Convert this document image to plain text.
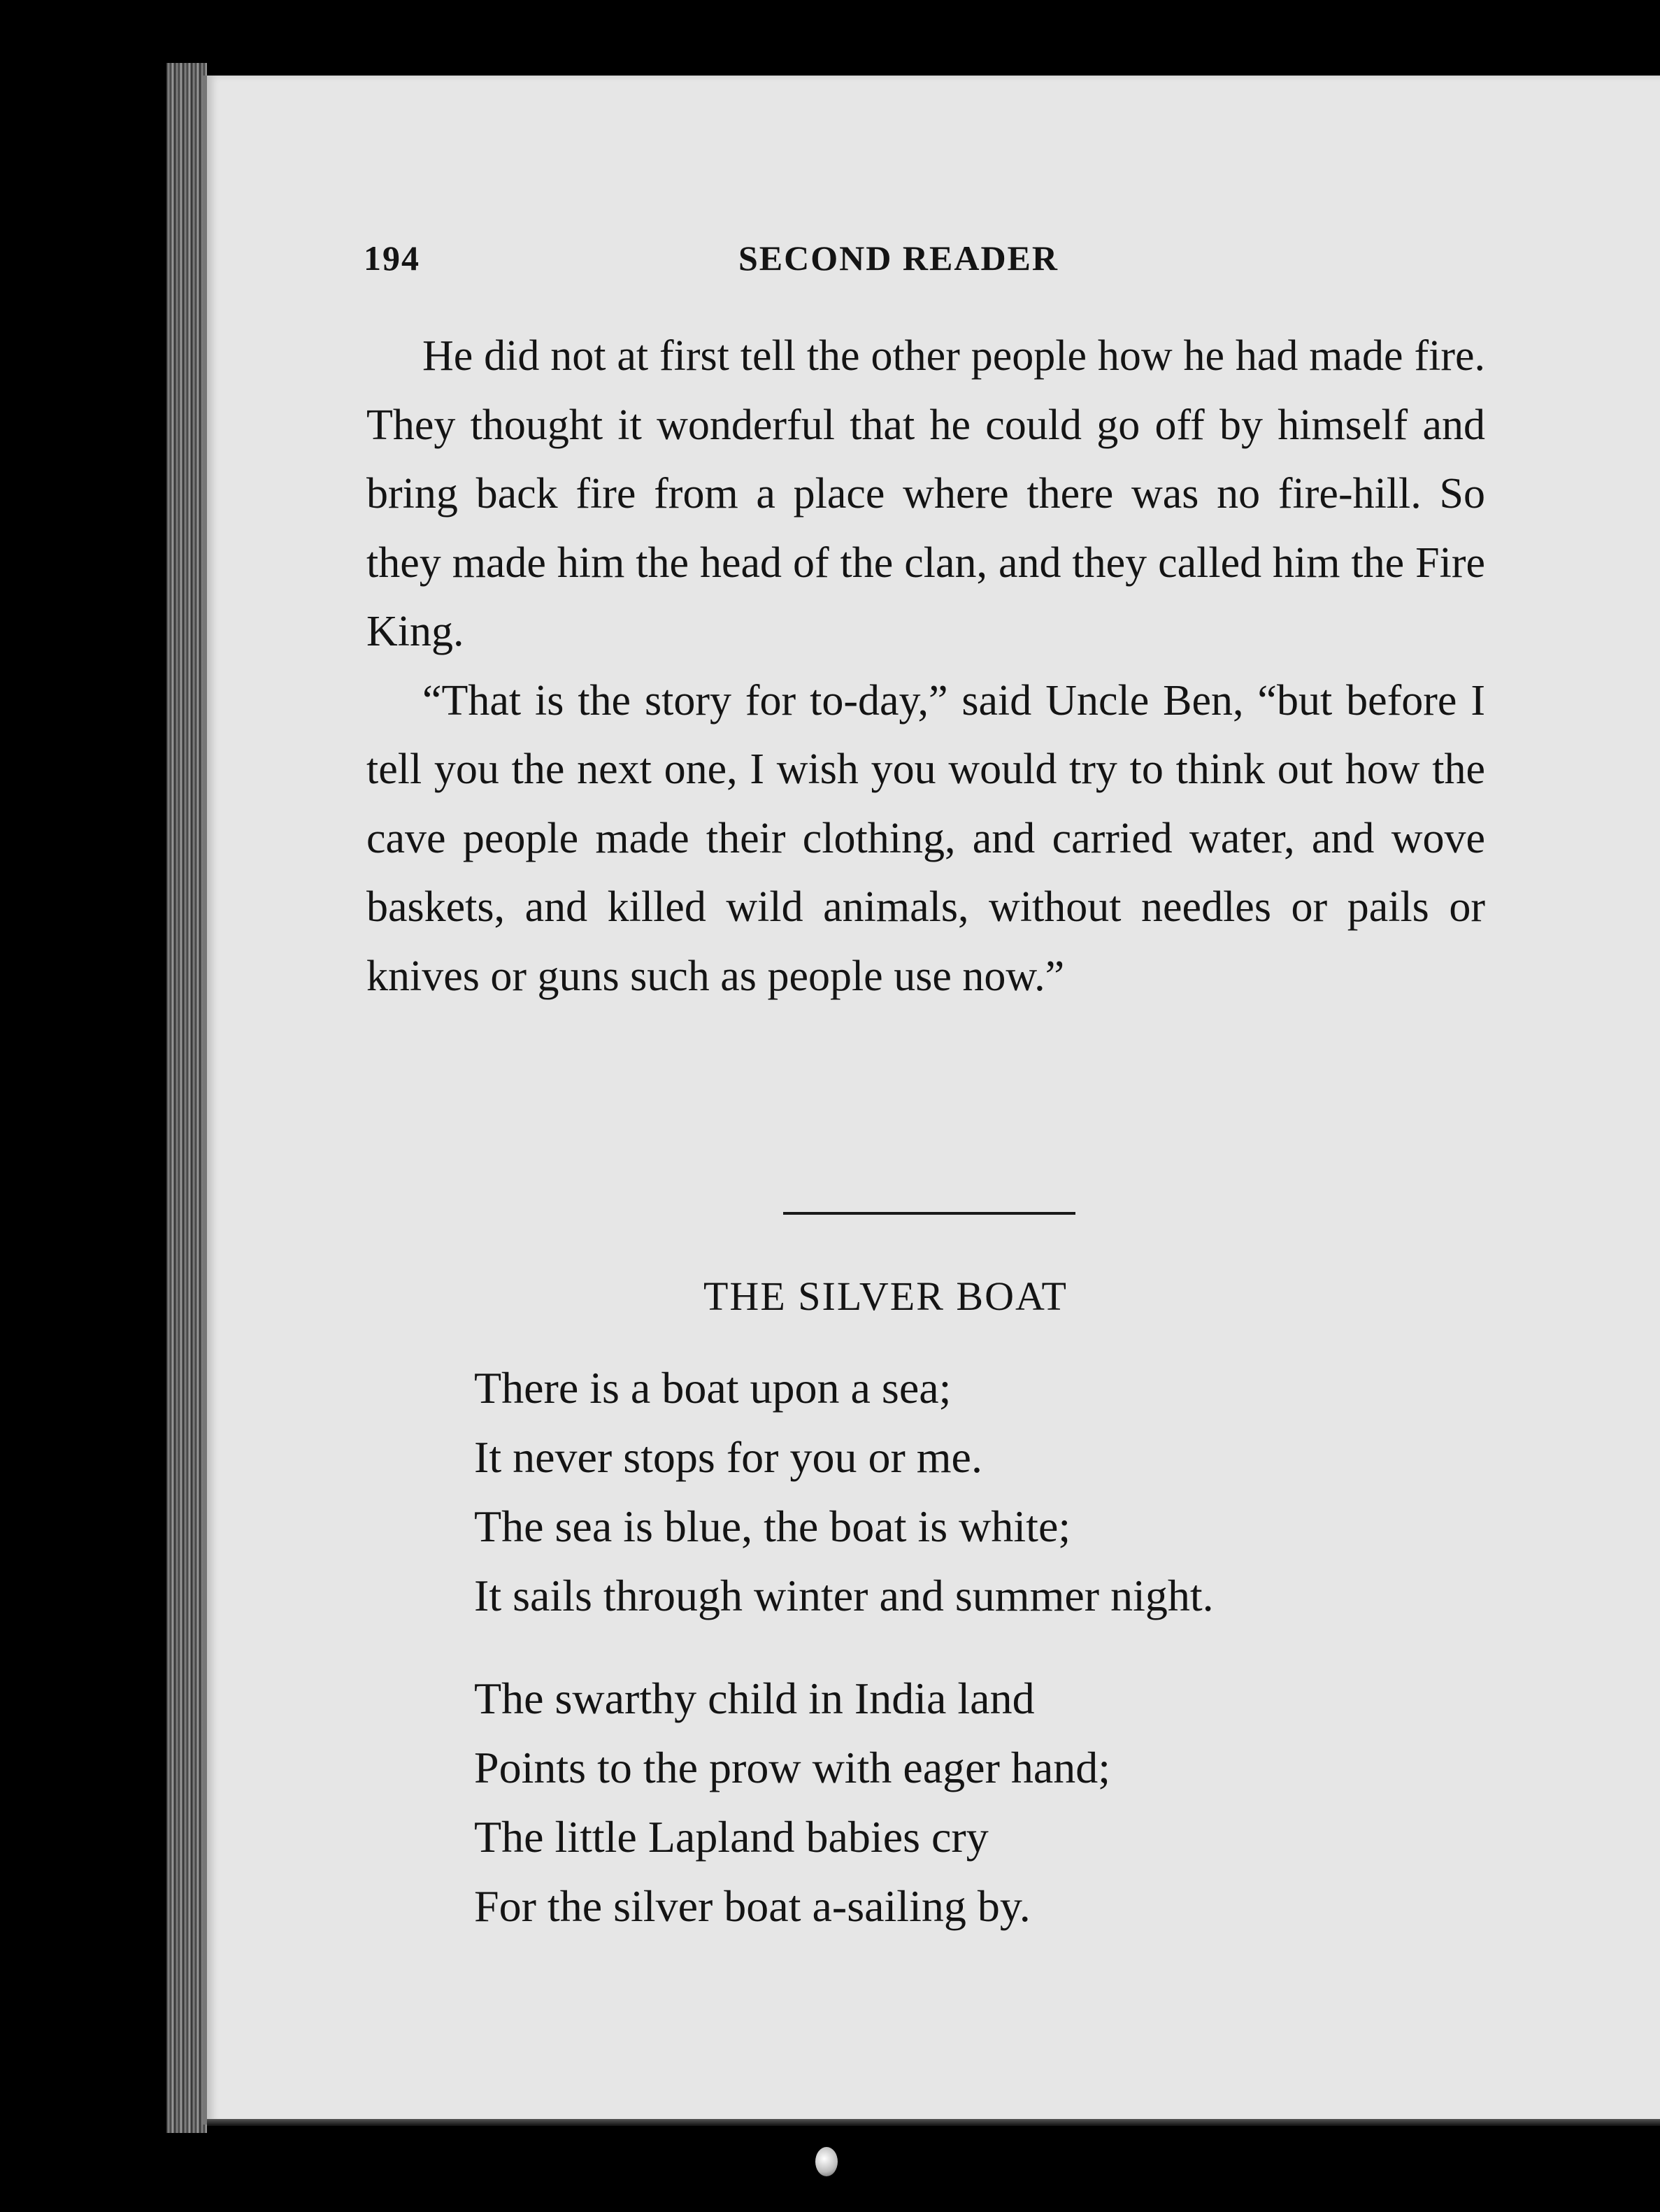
194	SECOND READER

He did not at first tell the other people how he had made fire. They thought it wonderful that he could go off by himself and bring back fire from a place where there was no fire-hill. So they made him the head of the clan, and they called him the Fire King.

“That is the story for to-day,” said Uncle Ben, “but before I tell you the next one, I wish you would try to think out how the cave people made their clothing, and carried water, and wove baskets, and killed wild animals, without needles or pails or knives or guns such as people use now.”

THE SILVER BOAT
There is a boat upon a sea;
It never stops for you or me.
The sea is blue, the boat is white;
It sails through winter and summer night.
The swarthy child in India land
Points to the prow with eager hand;
The little Lapland babies cry
For the silver boat a-sailing by.
